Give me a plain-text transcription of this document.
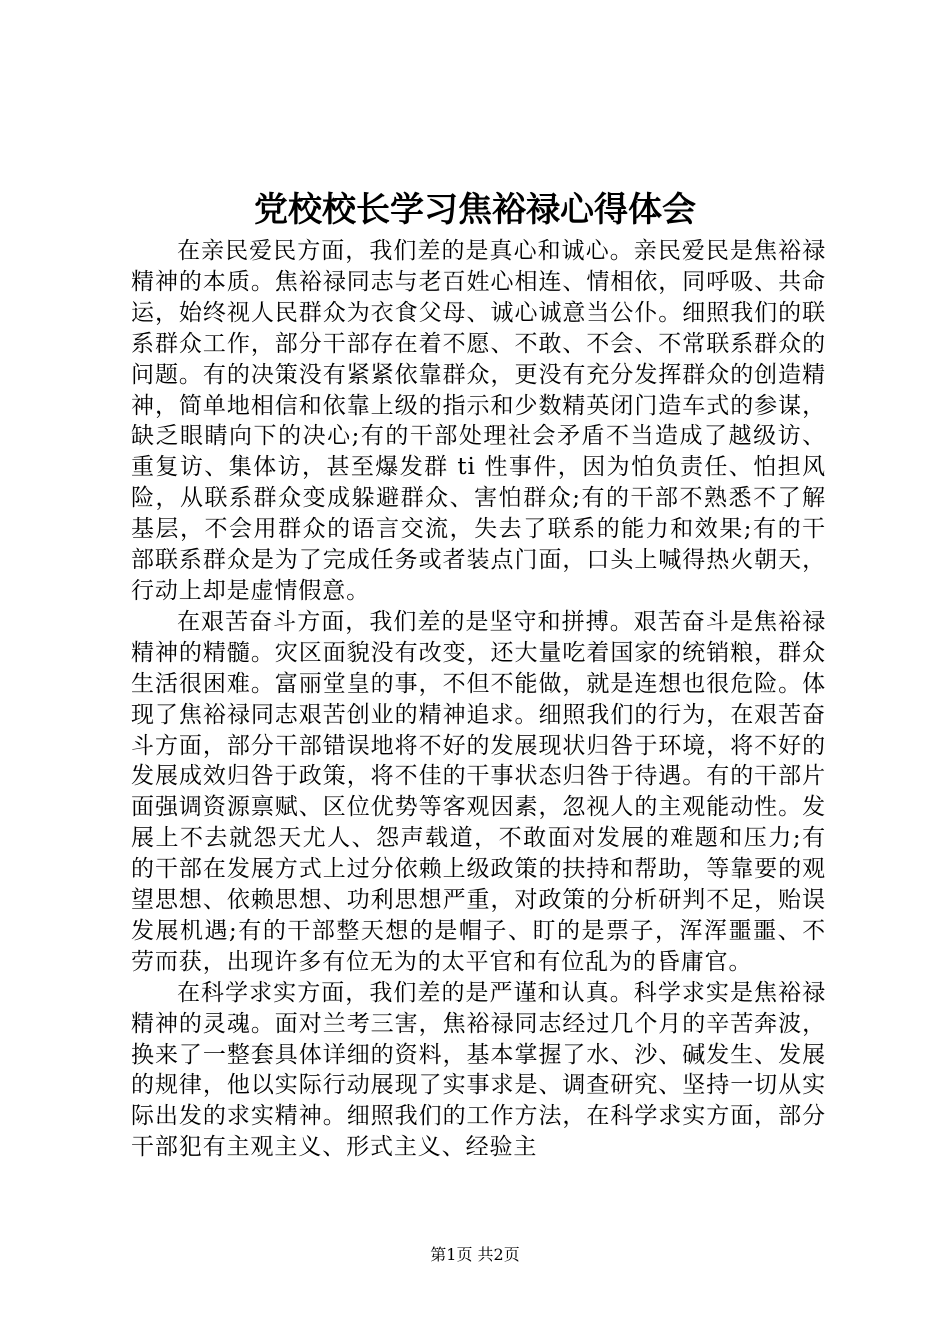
党校校长学习焦裕禄心得体会

在亲民爱民方面，我们差的是真心和诚心。亲民爱民是焦裕禄精神的本质。焦裕禄同志与老百姓心相连、情相依，同呼吸、共命运，始终视人民群众为衣食父母、诚心诚意当公仆。细照我们的联系群众工作，部分干部存在着不愿、不敢、不会、不常联系群众的问题。有的决策没有紧紧依靠群众，更没有充分发挥群众的创造精神，简单地相信和依靠上级的指示和少数精英闭门造车式的参谋，缺乏眼睛向下的决心;有的干部处理社会矛盾不当造成了越级访、重复访、集体访，甚至爆发群 ti 性事件，因为怕负责任、怕担风险，从联系群众变成躲避群众、害怕群众;有的干部不熟悉不了解基层，不会用群众的语言交流，失去了联系的能力和效果;有的干部联系群众是为了完成任务或者装点门面，口头上喊得热火朝天，行动上却是虚情假意。

在艰苦奋斗方面，我们差的是坚守和拼搏。艰苦奋斗是焦裕禄精神的精髓。灾区面貌没有改变，还大量吃着国家的统销粮，群众生活很困难。富丽堂皇的事，不但不能做，就是连想也很危险。体现了焦裕禄同志艰苦创业的精神追求。细照我们的行为，在艰苦奋斗方面，部分干部错误地将不好的发展现状归咎于环境，将不好的发展成效归咎于政策，将不佳的干事状态归咎于待遇。有的干部片面强调资源禀赋、区位优势等客观因素，忽视人的主观能动性。发展上不去就怨天尤人、怨声载道，不敢面对发展的难题和压力;有的干部在发展方式上过分依赖上级政策的扶持和帮助，等靠要的观望思想、依赖思想、功利思想严重，对政策的分析研判不足，贻误发展机遇;有的干部整天想的是帽子、盯的是票子，浑浑噩噩、不劳而获，出现许多有位无为的太平官和有位乱为的昏庸官。

在科学求实方面，我们差的是严谨和认真。科学求实是焦裕禄精神的灵魂。面对兰考三害，焦裕禄同志经过几个月的辛苦奔波，换来了一整套具体详细的资料，基本掌握了水、沙、碱发生、发展的规律，他以实际行动展现了实事求是、调查研究、坚持一切从实际出发的求实精神。细照我们的工作方法，在科学求实方面，部分干部犯有主观主义、形式主义、经验主

第1页 共2页
